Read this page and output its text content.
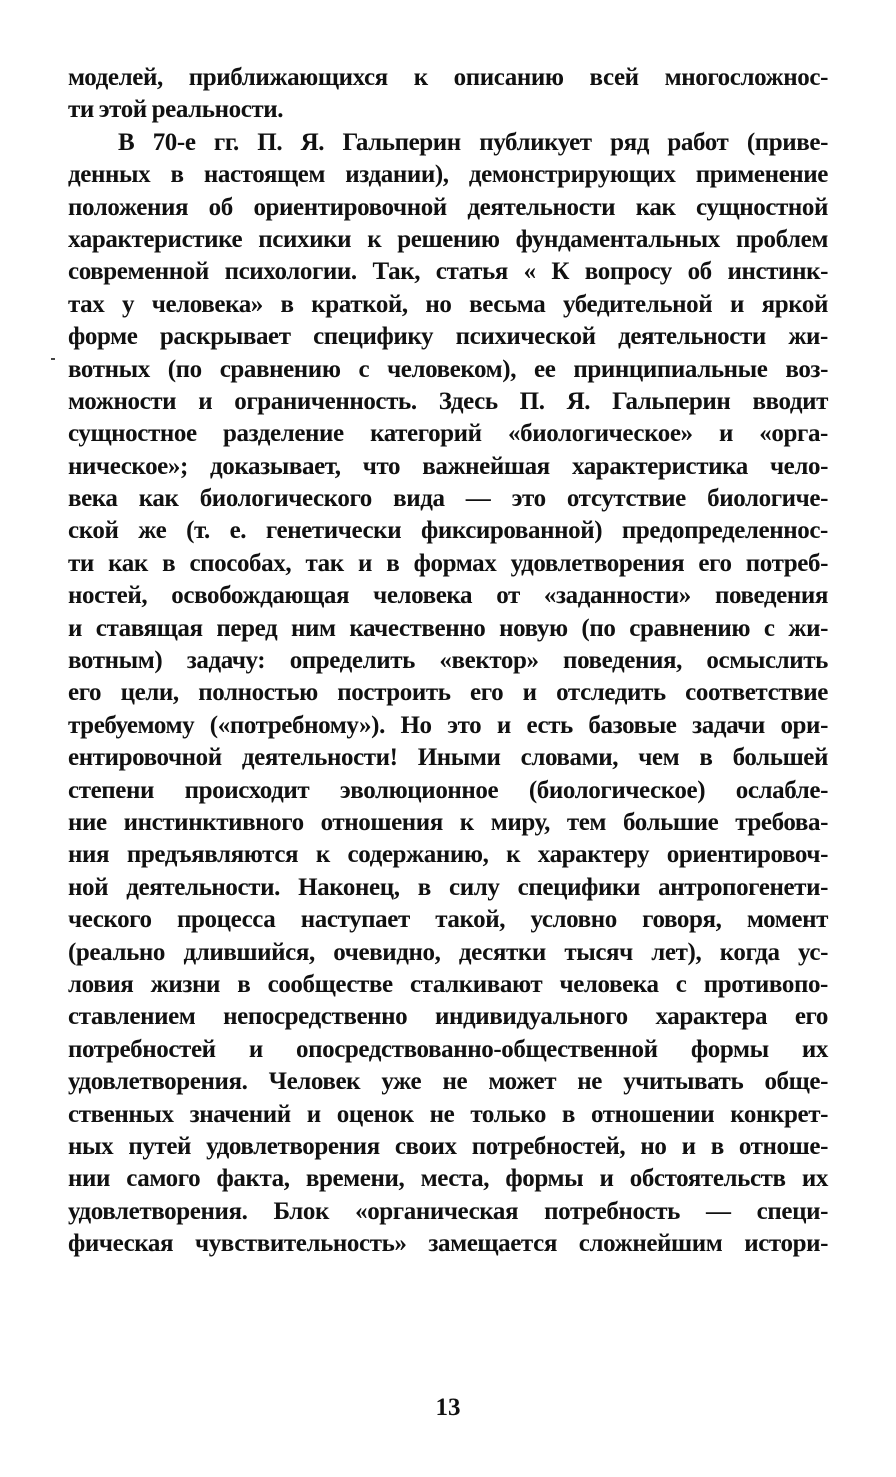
моделей, приближающихся к описанию всей многосложнос-
ти этой реальности.
В 70-е гг. П. Я. Гальперин публикует ряд работ (приве-
денных в настоящем издании), демонстрирующих применение
положения об ориентировочной деятельности как сущностной
характеристике психики к решению фундаментальных проблем
современной психологии. Так, статья « К вопросу об инстинк-
тах у человека» в краткой, но весьма убедительной и яркой
форме раскрывает специфику психической деятельности жи-
вотных (по сравнению с человеком), ее принципиальные воз-
можности и ограниченность. Здесь П. Я. Гальперин вводит
сущностное разделение категорий «биологическое» и «орга-
ническое»; доказывает, что важнейшая характеристика чело-
века как биологического вида — это отсутствие биологиче-
ской же (т. е. генетически фиксированной) предопределеннос-
ти как в способах, так и в формах удовлетворения его потреб-
ностей, освобождающая человека от «заданности» поведения
и ставящая перед ним качественно новую (по сравнению с жи-
вотным) задачу: определить «вектор» поведения, осмыслить
его цели, полностью построить его и отследить соответствие
требуемому («потребному»). Но это и есть базовые задачи ори-
ентировочной деятельности! Иными словами, чем в большей
степени происходит эволюционное (биологическое) ослабле-
ние инстинктивного отношения к миру, тем большие требова-
ния предъявляются к содержанию, к характеру ориентировоч-
ной деятельности. Наконец, в силу специфики антропогенети-
ческого процесса наступает такой, условно говоря, момент
(реально длившийся, очевидно, десятки тысяч лет), когда ус-
ловия жизни в сообществе сталкивают человека с противопо-
ставлением непосредственно индивидуального характера его
потребностей и опосредствованно-общественной формы их
удовлетворения. Человек уже не может не учитывать обще-
ственных значений и оценок не только в отношении конкрет-
ных путей удовлетворения своих потребностей, но и в отноше-
нии самого факта, времени, места, формы и обстоятельств их
удовлетворения. Блок «органическая потребность — специ-
фическая чувствительность» замещается сложнейшим истори-
13
